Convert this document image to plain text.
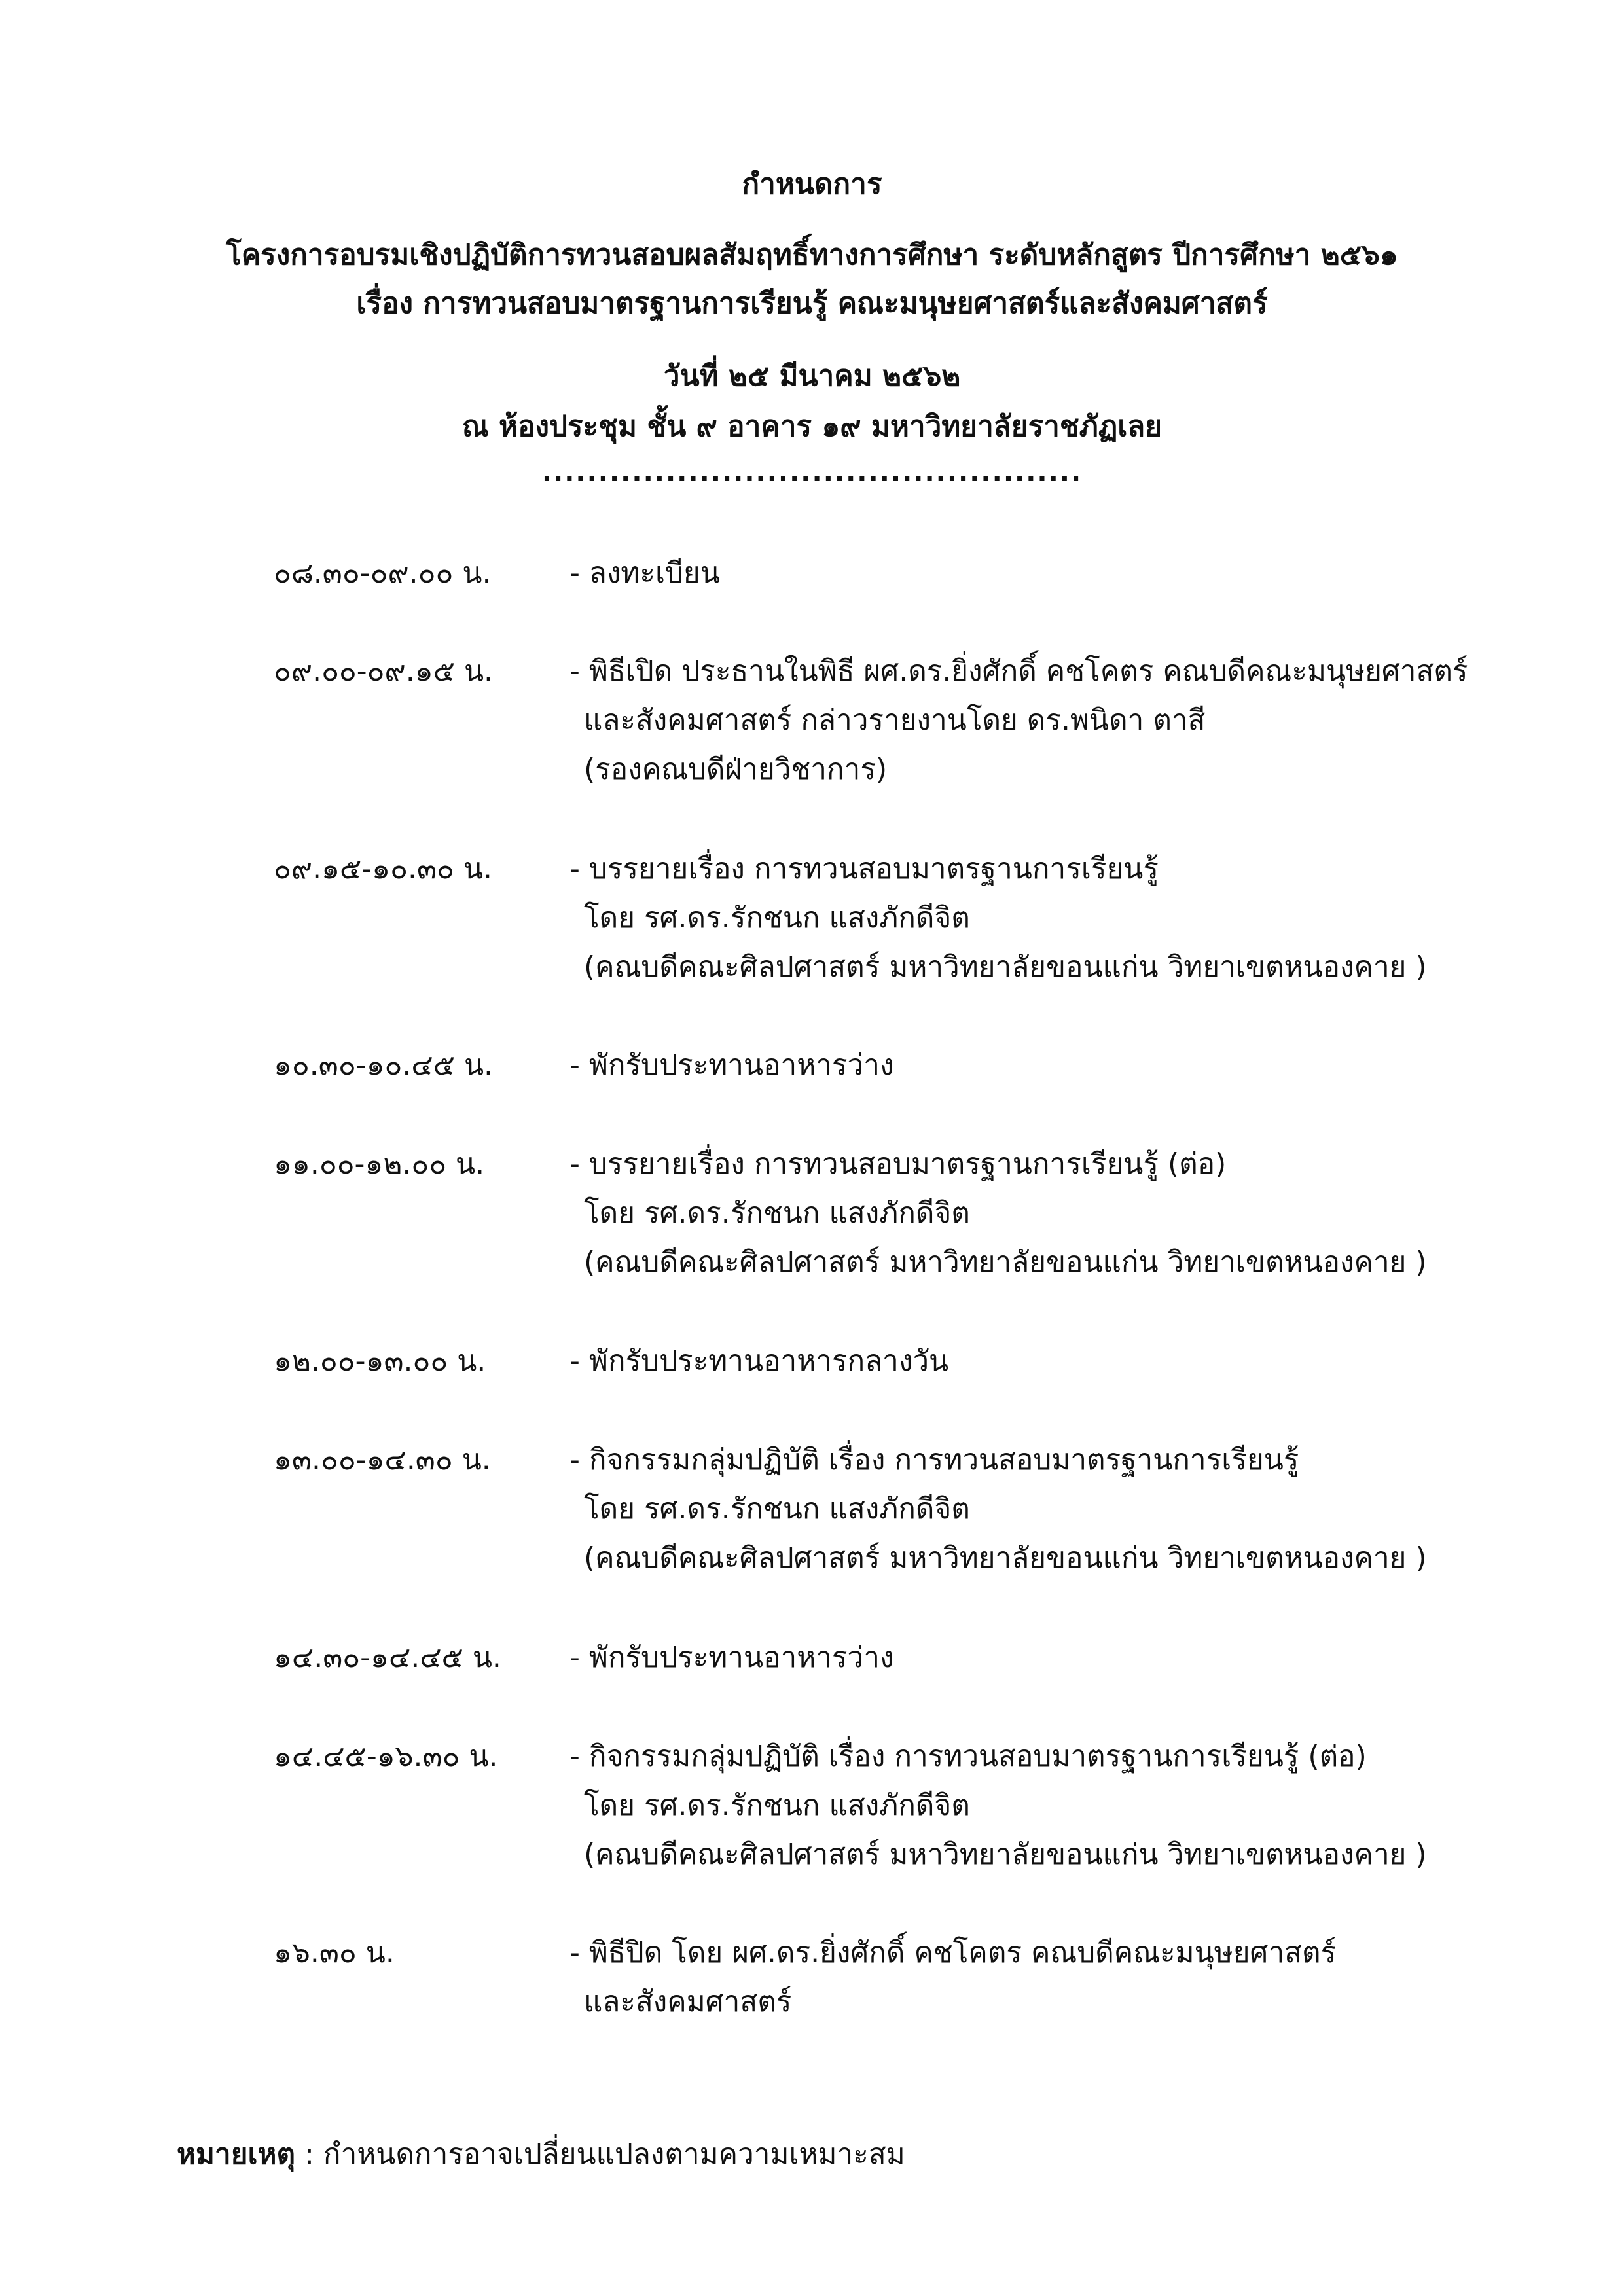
กำหนดการ
โครงการอบรมเชิงปฏิบัติการทวนสอบผลสัมฤทธิ์ทางการศึกษา ระดับหลักสูตร ปีการศึกษา ๒๕๖๑
เรื่อง การทวนสอบมาตรฐานการเรียนรู้ คณะมนุษยศาสตร์และสังคมศาสตร์
วันที่ ๒๕ มีนาคม ๒๕๖๒
ณ ห้องประชุม ชั้น ๙ อาคาร ๑๙ มหาวิทยาลัยราชภัฏเลย
................................................
๐๘.๓๐-๐๙.๐๐ น.	- ลงทะเบียน
๐๙.๐๐-๐๙.๑๕ น.	- พิธีเปิด ประธานในพิธี ผศ.ดร.ยิ่งศักดิ์ คชโคตร คณบดีคณะมนุษยศาสตร์
และสังคมศาสตร์ กล่าวรายงานโดย ดร.พนิดา ตาสี
(รองคณบดีฝ่ายวิชาการ)
๐๙.๑๕-๑๐.๓๐ น.	- บรรยายเรื่อง การทวนสอบมาตรฐานการเรียนรู้
โดย รศ.ดร.รักชนก แสงภักดีจิต
(คณบดีคณะศิลปศาสตร์ มหาวิทยาลัยขอนแก่น วิทยาเขตหนองคาย )
๑๐.๓๐-๑๐.๔๕ น.	- พักรับประทานอาหารว่าง
๑๑.๐๐-๑๒.๐๐ น.	- บรรยายเรื่อง การทวนสอบมาตรฐานการเรียนรู้ (ต่อ)
โดย รศ.ดร.รักชนก แสงภักดีจิต
(คณบดีคณะศิลปศาสตร์ มหาวิทยาลัยขอนแก่น วิทยาเขตหนองคาย )
๑๒.๐๐-๑๓.๐๐ น.	- พักรับประทานอาหารกลางวัน
๑๓.๐๐-๑๔.๓๐ น.	- กิจกรรมกลุ่มปฏิบัติ เรื่อง การทวนสอบมาตรฐานการเรียนรู้
โดย รศ.ดร.รักชนก แสงภักดีจิต
(คณบดีคณะศิลปศาสตร์ มหาวิทยาลัยขอนแก่น วิทยาเขตหนองคาย )
๑๔.๓๐-๑๔.๔๕ น. - พักรับประทานอาหารว่าง
๑๔.๔๕-๑๖.๓๐ น. - กิจกรรมกลุ่มปฏิบัติ เรื่อง การทวนสอบมาตรฐานการเรียนรู้ (ต่อ)
โดย รศ.ดร.รักชนก แสงภักดีจิต
(คณบดีคณะศิลปศาสตร์ มหาวิทยาลัยขอนแก่น วิทยาเขตหนองคาย )
๑๖.๓๐ น.	- พิธีปิด โดย ผศ.ดร.ยิ่งศักดิ์ คชโคตร คณบดีคณะมนุษยศาสตร์
และสังคมศาสตร์
หมายเหตุ : กำหนดการอาจเปลี่ยนแปลงตามความเหมาะสม
